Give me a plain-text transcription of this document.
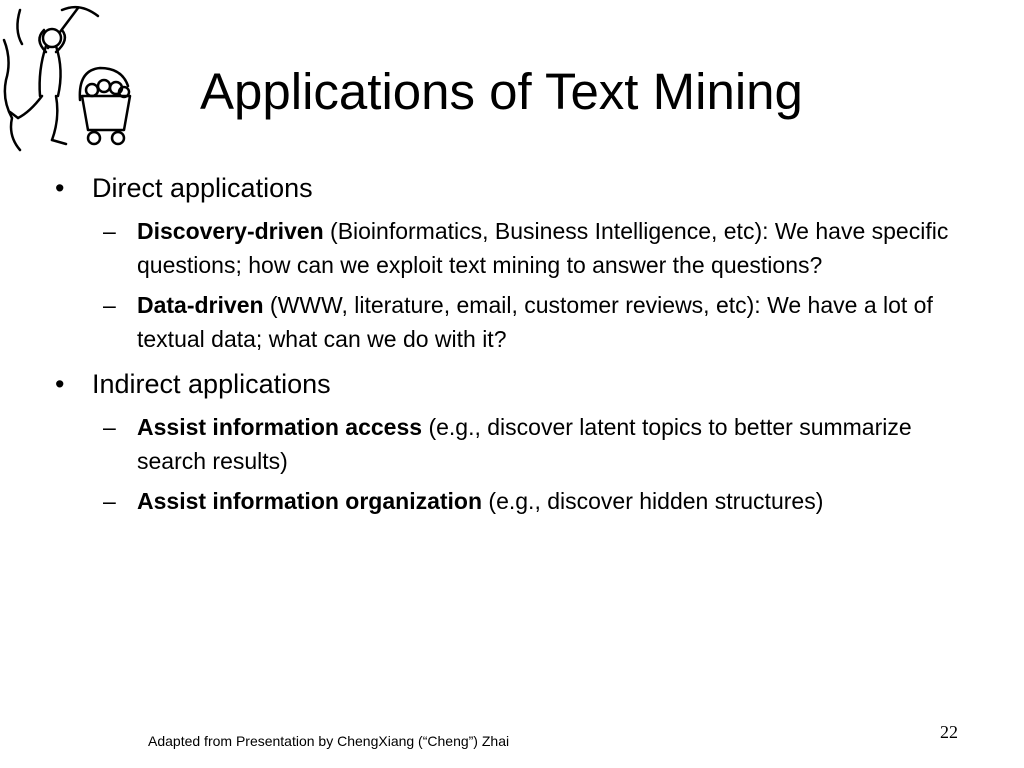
Applications of Text Mining
•	Direct applications
– Discovery-driven (Bioinformatics, Business Intelligence, etc): We have specific questions; how can we exploit text mining to answer the questions?
– Data-driven (WWW, literature, email, customer reviews, etc): We have a lot of textual data; what can we do with it?
•	Indirect applications
– Assist information access (e.g., discover latent topics to better summarize search results)
– Assist information organization (e.g., discover hidden structures)
Adapted from Presentation by ChengXiang (“Cheng”) Zhai	22
